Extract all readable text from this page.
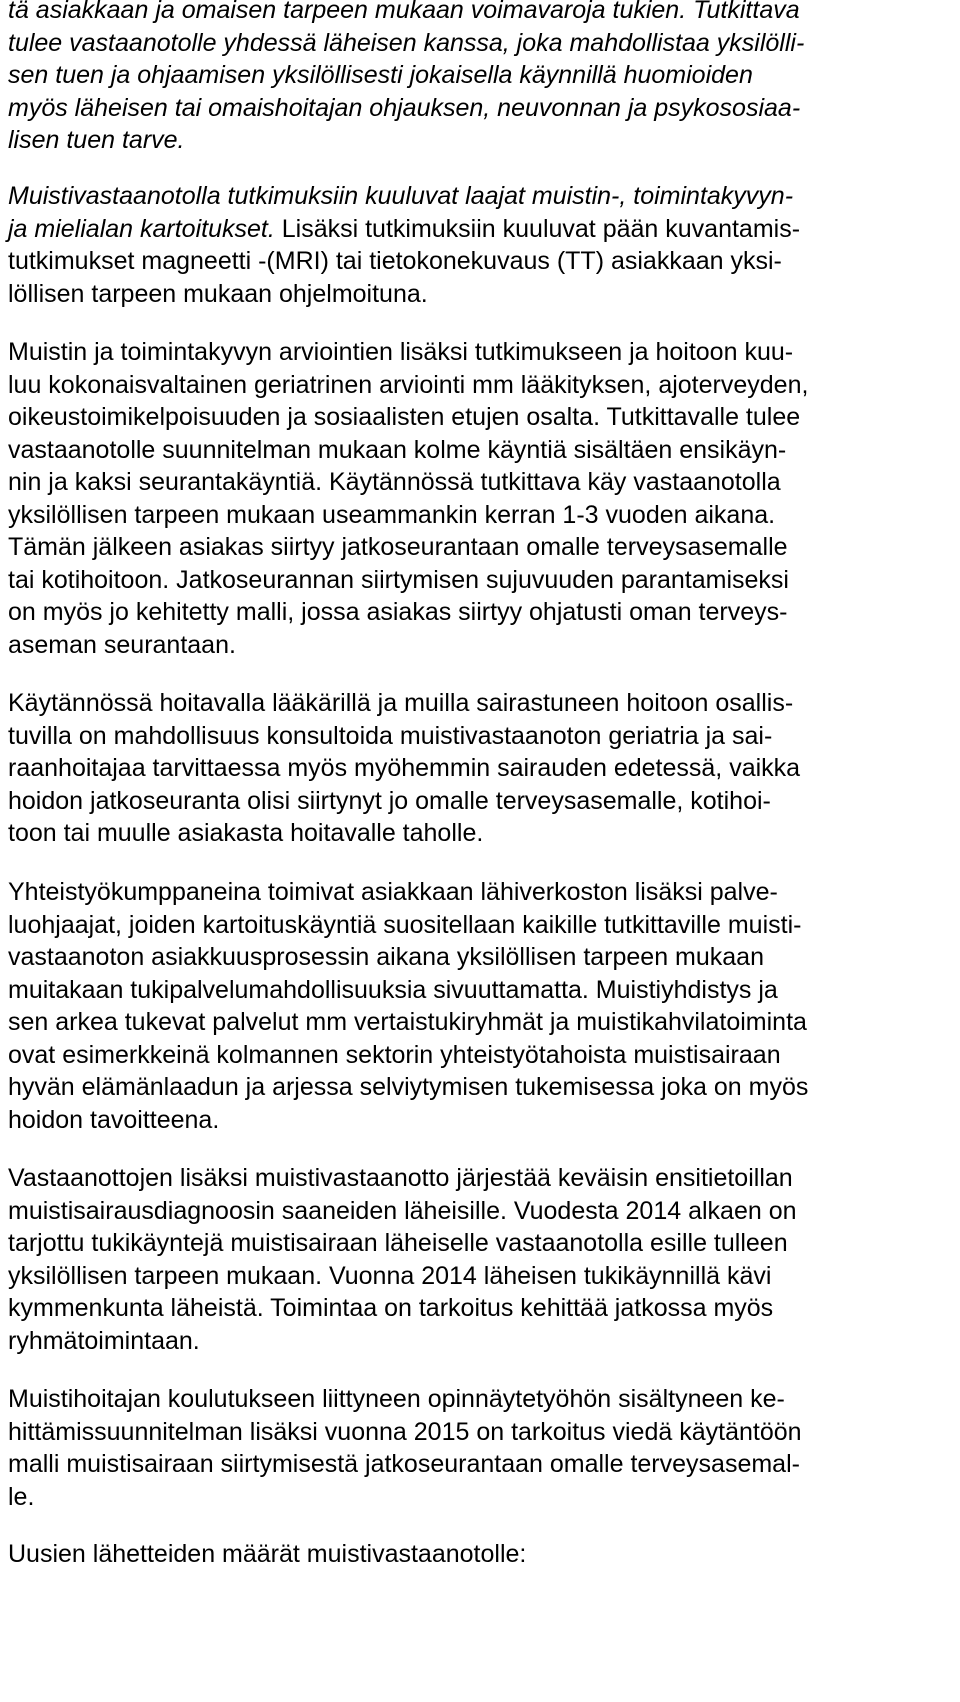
tä asiakkaan ja omaisen tarpeen mukaan voimavaroja tukien. Tutkittava
tulee vastaanotolle yhdessä läheisen kanssa, joka mahdollistaa yksilölli-
sen tuen ja ohjaamisen yksilöllisesti jokaisella käynnillä huomioiden
myös läheisen tai omaishoitajan ohjauksen, neuvonnan ja psykososiaa-
lisen tuen tarve.
Muistivastaanotolla tutkimuksiin kuuluvat laajat muistin-, toimintakyvyn-
ja mielialan kartoitukset. Lisäksi tutkimuksiin kuuluvat pään kuvantamis-
tutkimukset magneetti -(MRI) tai tietokonekuvaus (TT) asiakkaan yksi-
löllisen tarpeen mukaan ohjelmoituna.
Muistin ja toimintakyvyn arviointien lisäksi tutkimukseen ja hoitoon kuu-
luu kokonaisvaltainen geriatrinen arviointi mm lääkityksen, ajoterveyden,
oikeustoimikelpoisuuden ja sosiaalisten etujen osalta. Tutkittavalle tulee
vastaanotolle suunnitelman mukaan kolme käyntiä sisältäen ensikäyn-
nin ja kaksi seurantakäyntiä. Käytännössä tutkittava käy vastaanotolla
yksilöllisen tarpeen mukaan useammankin kerran 1-3 vuoden aikana.
Tämän jälkeen asiakas siirtyy jatkoseurantaan omalle terveysasemalle
tai kotihoitoon. Jatkoseurannan siirtymisen sujuvuuden parantamiseksi
on myös jo kehitetty malli, jossa asiakas siirtyy ohjatusti oman terveys-
aseman seurantaan.
Käytännössä hoitavalla lääkärillä ja muilla sairastuneen hoitoon osallis-
tuvilla on mahdollisuus konsultoida muistivastaanoton geriatria ja sai-
raanhoitajaa tarvittaessa myös myöhemmin sairauden edetessä, vaikka
hoidon jatkoseuranta olisi siirtynyt jo omalle terveysasemalle, kotihoi-
toon tai muulle asiakasta hoitavalle taholle.
Yhteistyökumppaneina toimivat asiakkaan lähiverkoston lisäksi palve-
luohjaajat, joiden kartoituskäyntiä suositellaan kaikille tutkittaville muisti-
vastaanoton asiakkuusprosessin aikana yksilöllisen tarpeen mukaan
muitakaan tukipalvelumahdollisuuksia sivuuttamatta. Muistiyhdistys ja
sen arkea tukevat palvelut mm vertaistukiryhmät ja muistikahvilatoiminta
ovat esimerkkeinä kolmannen sektorin yhteistyötahoista muistisairaan
hyvän elämänlaadun ja arjessa selviytymisen tukemisessa joka on myös
hoidon tavoitteena.
Vastaanottojen lisäksi muistivastaanotto järjestää keväisin ensitietoillan
muistisairausdiagnoosin saaneiden läheisille. Vuodesta 2014 alkaen on
tarjottu tukikäyntejä muistisairaan läheiselle vastaanotolla esille tulleen
yksilöllisen tarpeen mukaan. Vuonna 2014 läheisen tukikäynnillä kävi
kymmenkunta läheistä. Toimintaa on tarkoitus kehittää jatkossa myös
ryhmätoimintaan.
Muistihoitajan koulutukseen liittyneen opinnäytetyöhön sisältyneen ke-
hittämissuunnitelman lisäksi vuonna 2015 on tarkoitus viedä käytäntöön
malli muistisairaan siirtymisestä jatkoseurantaan omalle terveysasemal-
le.
Uusien lähetteiden määrät muistivastaanotolle:
